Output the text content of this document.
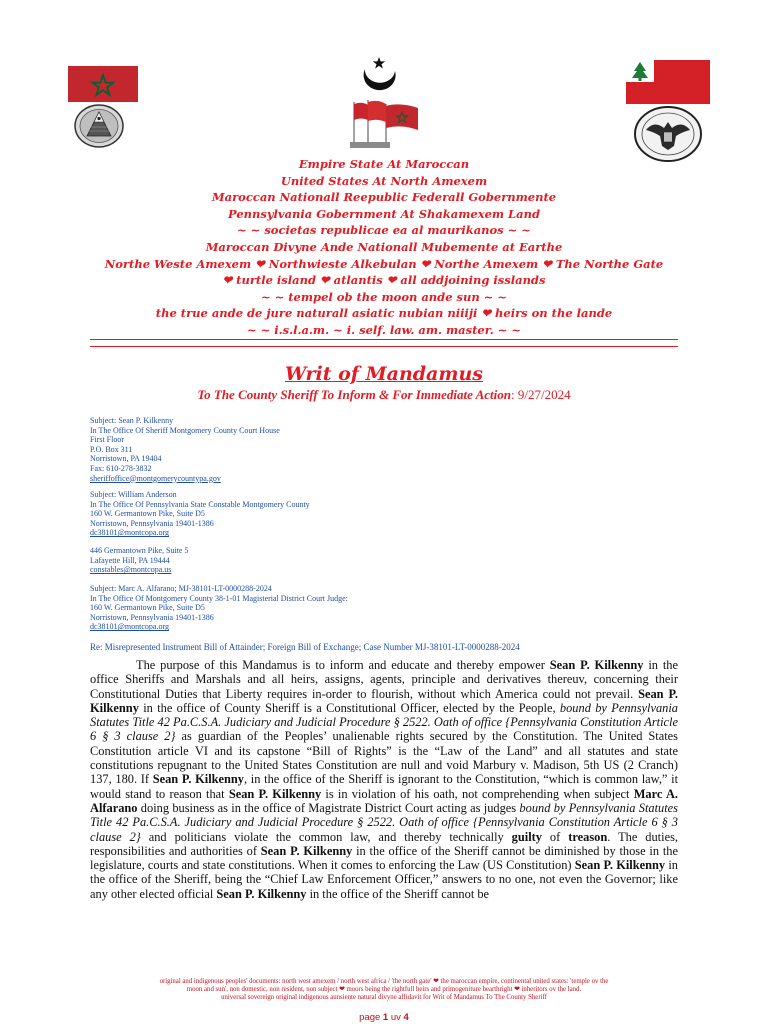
Empire State At Maroccan
United States At North Amexem
Maroccan Nationall Reepublic Federall Gobernmente
Pennsylvania Gobernment At Shakamexem Land
~ ~ societas republicae ea al maurikanos ~ ~
Maroccan Divyne Ande Nationall Mubemente at Earthe
Northe Weste Amexem ❤ Northwieste Alkebulan ❤ Northe Amexem ❤ The Northe Gate
❤ turtle island ❤ atlantis ❤ all addjoining isslands
~ ~ tempel ob the moon ande sun ~ ~
the true ande de jure naturall asiatic nubian niiiji ❤ heirs on the lande
~ ~ i.s.l.a.m. ~ i. self. law. am. master. ~ ~
Writ of Mandamus
To The County Sheriff To Inform & For Immediate Action: 9/27/2024
Subject: Sean P. Kilkenny
In The Office Of Sheriff Montgomery County Court House
First Floor
P.O. Box 311
Norristown, PA 19404
Fax: 610-278-3832
sheriffoffice@montgomerycountypa.gov
Subject: William Anderson
In The Office Of Pennsylvania State Constable Montgomery County
160 W. Germantown Pike, Suite D5
Norristown, Pennsylvania 19401-1386
dc38101@montcopa.org
446 Germantown Pike, Suite 5
Lafayette Hill, PA 19444
constables@montcopa.us
Subject: Marc A. Alfarano; MJ-38101-LT-0000288-2024
In The Office Of Montgomery County 38-1-01 Magisterial District Court Judge:
160 W. Germantown Pike, Suite D5
Norristown, Pennsylvania 19401-1386
dc38101@montcopa.org
Re: Misrepresented Instrument Bill of Attainder; Foreign Bill of Exchange; Case Number MJ-38101-LT-0000288-2024

The purpose of this Mandamus is to inform and educate and thereby empower Sean P. Kilkenny in the office Sheriffs and Marshals and all heirs, assigns, agents, principle and derivatives thereuv, concerning their Constitutional Duties that Liberty requires in-order to flourish, without which America could not prevail. Sean P. Kilkenny in the office of County Sheriff is a Constitutional Officer, elected by the People, bound by Pennsylvania Statutes Title 42 Pa.C.S.A. Judiciary and Judicial Procedure § 2522. Oath of office {Pennsylvania Constitution Article 6 § 3 clause 2} as guardian of the Peoples’ unalienable rights secured by the Constitution. The United States Constitution article VI and its capstone “Bill of Rights” is the “Law of the Land” and all statutes and state constitutions repugnant to the United States Constitution are null and void Marbury v. Madison, 5th US (2 Cranch) 137, 180. If Sean P. Kilkenny, in the office of the Sheriff is ignorant to the Constitution, “which is common law,” it would stand to reason that Sean P. Kilkenny is in violation of his oath, not comprehending when subject Marc A. Alfarano doing business as in the office of Magistrate District Court acting as judges bound by Pennsylvania Statutes Title 42 Pa.C.S.A. Judiciary and Judicial Procedure § 2522. Oath of office {Pennsylvania Constitution Article 6 § 3 clause 2} and politicians violate the common law, and thereby technically guilty of treason. The duties, responsibilities and authorities of Sean P. Kilkenny in the office of the Sheriff cannot be diminished by those in the legislature, courts and state constitutions. When it comes to enforcing the Law (US Constitution) Sean P. Kilkenny in the office of the Sheriff, being the “Chief Law Enforcement Officer,” answers to no one, not even the Governor; like any other elected official Sean P. Kilkenny in the office of the Sheriff cannot be

original and indigenous peoples' documents: north west amexem / north west africa / 'the north gate' ❤ the maroccan empire, continental united states: 'temple ov the
moon and sun', non domestic, non resident, non subject ❤ moors being the rightfull heirs and primogeniture bearthright ❤ inheritors ov the land.
universal sovereign original indigenous aunsiente natural divyne affidavit for Writ of Mandamus To The County Sheriff
page 1 uv 4
